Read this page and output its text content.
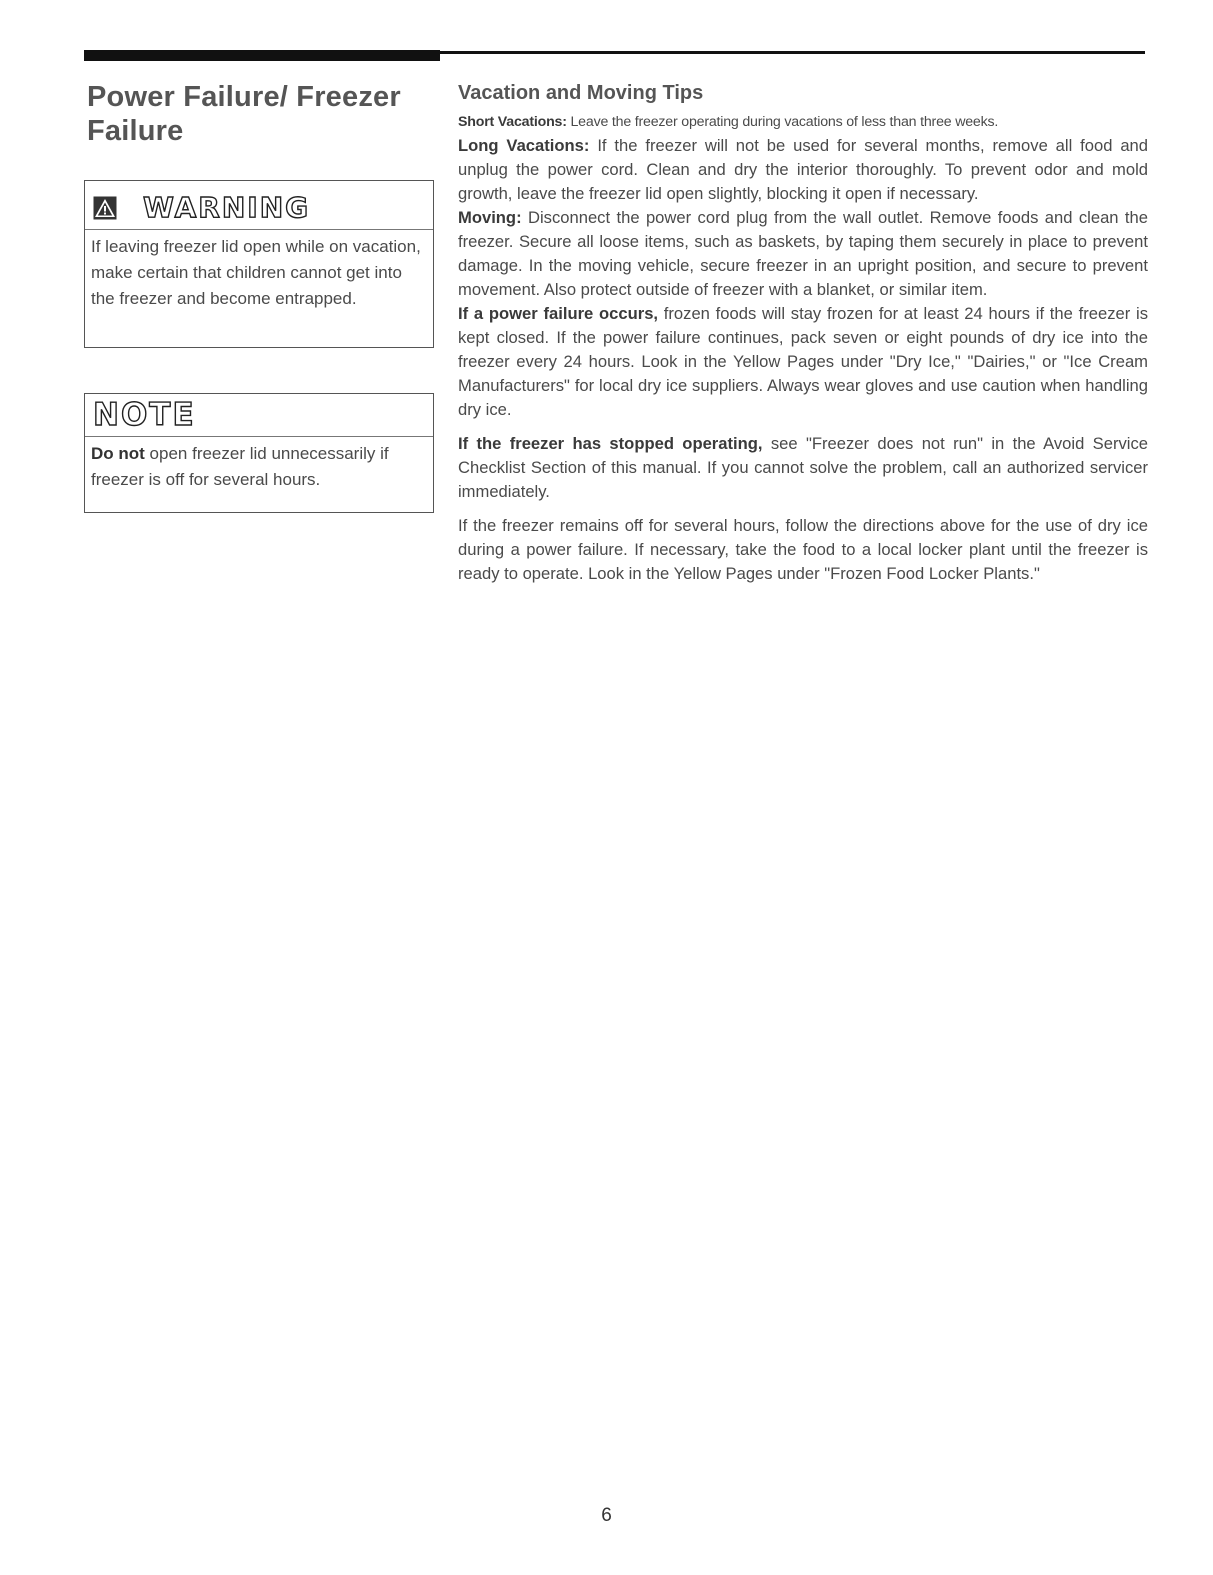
Power Failure/ Freezer Failure
WARNING
If leaving freezer lid open while on vacation, make certain that children cannot get into the freezer and become entrapped.
NOTE
Do not open freezer lid unnecessarily if freezer is off for several hours.
Vacation and Moving Tips

Short Vacations: Leave the freezer operating during vacations of less than three weeks.

Long Vacations: If the freezer will not be used for several months, remove all food and unplug the power cord. Clean and dry the interior thoroughly. To prevent odor and mold growth, leave the freezer lid open slightly, blocking it open if necessary.

Moving: Disconnect the power cord plug from the wall outlet. Remove foods and clean the freezer. Secure all loose items, such as baskets, by taping them securely in place to prevent damage. In the moving vehicle, secure freezer in an upright position, and secure to prevent movement. Also protect outside of freezer with a blanket, or similar item.

If a power failure occurs, frozen foods will stay frozen for at least 24 hours if the freezer is kept closed. If the power failure continues, pack seven or eight pounds of dry ice into the freezer every 24 hours. Look in the Yellow Pages under "Dry Ice," "Dairies," or "Ice Cream Manufacturers" for local dry ice suppliers. Always wear gloves and use caution when handling dry ice.

If the freezer has stopped operating, see "Freezer does not run" in the Avoid Service Checklist Section of this manual. If you cannot solve the problem, call an authorized servicer immediately.

If the freezer remains off for several hours, follow the directions above for the use of dry ice during a power failure. If necessary, take the food to a local locker plant until the freezer is ready to operate. Look in the Yellow Pages under "Frozen Food Locker Plants."

6
